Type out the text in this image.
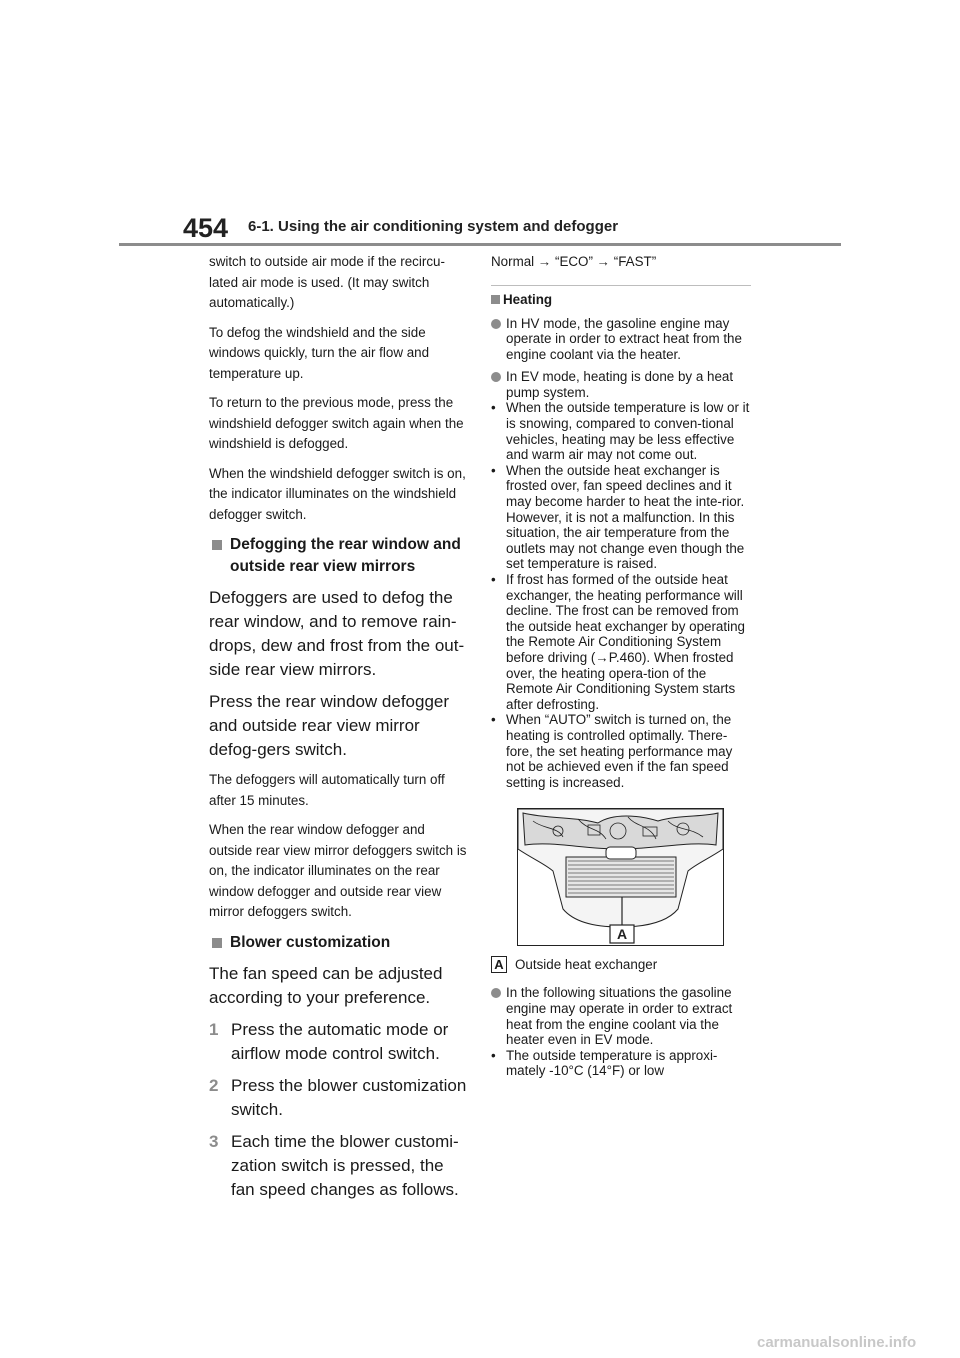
454 6-1. Using the air conditioning system and defogger

switch to outside air mode if the recircu-lated air mode is used. (It may switch automatically.)

To defog the windshield and the side windows quickly, turn the air flow and temperature up.

To return to the previous mode, press the windshield defogger switch again when the windshield is defogged.

When the windshield defogger switch is on, the indicator illuminates on the windshield defogger switch.

Defogging the rear window and outside rear view mirrors

Defoggers are used to defog the rear window, and to remove rain-drops, dew and frost from the out-side rear view mirrors.

Press the rear window defogger and outside rear view mirror defog-gers switch.

The defoggers will automatically turn off after 15 minutes.

When the rear window defogger and outside rear view mirror defoggers switch is on, the indicator illuminates on the rear window defogger and outside rear view mirror defoggers switch.

Blower customization

The fan speed can be adjusted according to your preference.

1 Press the automatic mode or airflow mode control switch.
2 Press the blower customization switch.
3 Each time the blower customi-zation switch is pressed, the fan speed changes as follows.

Normal → “ECO” → “FAST”

Heating
In HV mode, the gasoline engine may operate in order to extract heat from the engine coolant via the heater.
In EV mode, heating is done by a heat pump system.
• When the outside temperature is low or it is snowing, compared to conven-tional vehicles, heating may be less effective and warm air may not come out.
• When the outside heat exchanger is frosted over, fan speed declines and it may become harder to heat the inte-rior. However, it is not a malfunction. In this situation, the air temperature from the outlets may not change even though the set temperature is raised.
• If frost has formed of the outside heat exchanger, the heating performance will decline. The frost can be removed from the outside heat exchanger by operating the Remote Air Conditioning System before driving (→P.460). When frosted over, the heating opera-tion of the Remote Air Conditioning System starts after defrosting.
• When “AUTO” switch is turned on, the heating is controlled optimally. There-fore, the set heating performance may not be achieved even if the fan speed setting is increased.
A
A Outside heat exchanger
In the following situations the gasoline engine may operate in order to extract heat from the engine coolant via the heater even in EV mode.
• The outside temperature is approxi-mately -10°C (14°F) or low
carmanualsonline.info
